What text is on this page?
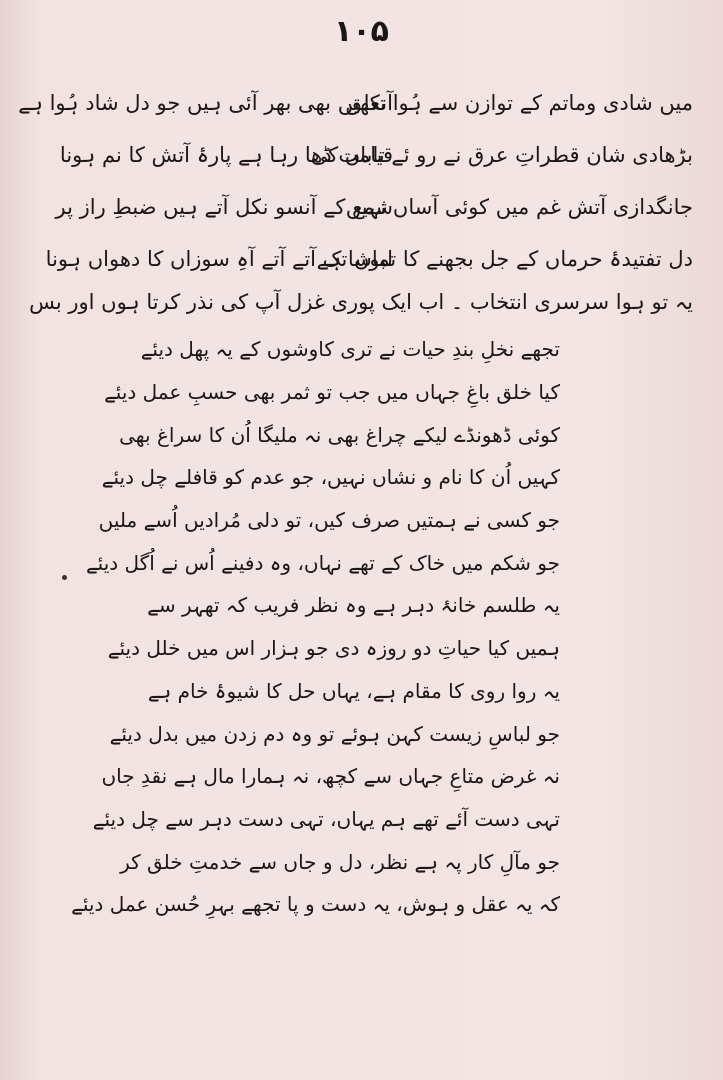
۱۰۵
میں شادی وماتم کے توازن سے ہُوا تعلق
بڑھادی شان قطراتِ عرق نے رو ئے تاباں کی
جانگدازی آتش غم میں کوئی آساں نہیں
دل تفتیدۂ حرماں کے جل بجھنے کا تماشا ہے
آنکھیں بھی بھر آئی ہیں جو دل شاد ہُوا ہے
قیامت ڈھا رہا ہے پارۂ آتش کا نم ہونا
شمع کے آنسو نکل آتے ہیں ضبطِ راز پر
لبوں تک آتے آتے آہِ سوزاں کا دھواں ہونا
یہ تو ہوا سرسری انتخاب ۔ اب ایک پوری غزل آپ کی نذر کرتا ہوں اور بس
تجھے نخلِ بندِ حیات نے تری کاوشوں کے یہ پھل دیئے
کیا خلق باغِ جہاں میں جب تو ثمر بھی حسبِ عمل دیئے
کوئی ڈھونڈے لیکے چراغ بھی نہ ملیگا اُن کا سراغ بھی
کہیں اُن کا نام و نشاں نہیں، جو عدم کو قافلے چل دیئے
جو کسی نے ہمتیں صرف کیں، تو دلی مُرادیں اُسے ملیں
جو شکم میں خاک کے تھے نہاں، وہ دفینے اُس نے اُگل دیئے
یہ طلسم خانۂ دہر ہے وہ نظر فریب کہ تھہر سے
ہمیں کیا حیاتِ دو روزہ دی جو ہزار اس میں خلل دیئے
یہ روا روی کا مقام ہے، یہاں حل کا شیوۂ خام ہے
جو لباسِ زیست کہن ہوئے تو وہ دم زدن میں بدل دیئے
نہ غرض متاعِ جہاں سے کچھ، نہ ہمارا مال ہے نقدِ جاں
تہی دست آئے تھے ہم یہاں، تہی دست دہر سے چل دیئے
جو مآلِ کار پہ ہے نظر، دل و جاں سے خدمتِ خلق کر
کہ یہ عقل و ہوش، یہ دست و پا تجھے بہرِ حُسن عمل دیئے
